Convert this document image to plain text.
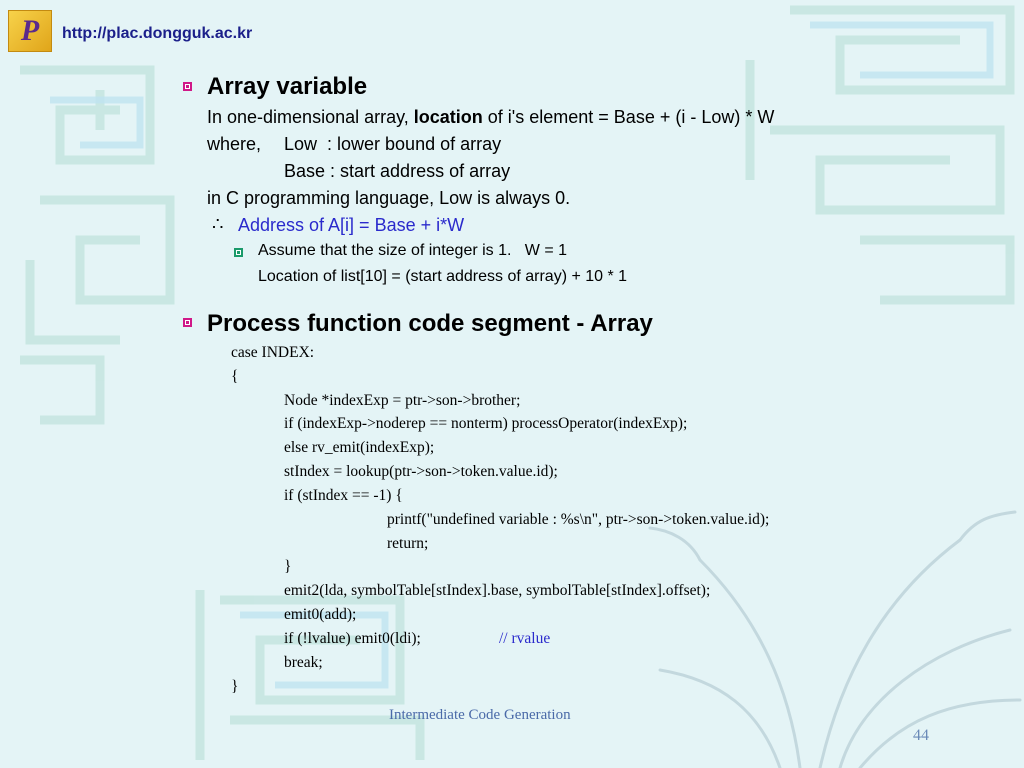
P http://plac.dongguk.ac.kr
Array variable
In one-dimensional array, location of i's element = Base + (i - Low) * W
where, Low  : lower bound of array
Base : start address of array
in C programming language, Low is always 0.
∴ Address of A[i] = Base + i*W
Assume that the size of integer is 1.   W = 1
Location of list[10] = (start address of array) + 10 * 1
Process function code segment - Array
case INDEX:
{
Node *indexExp = ptr->son->brother;
if (indexExp->noderep == nonterm) processOperator(indexExp);
else rv_emit(indexExp);
stIndex = lookup(ptr->son->token.value.id);
if (stIndex == -1) {
printf("undefined variable : %s\n", ptr->son->token.value.id);
return;
}
emit2(lda, symbolTable[stIndex].base, symbolTable[stIndex].offset);
emit0(add);
if (!lvalue) emit0(ldi);	// rvalue
break;
}
Intermediate Code Generation
44
